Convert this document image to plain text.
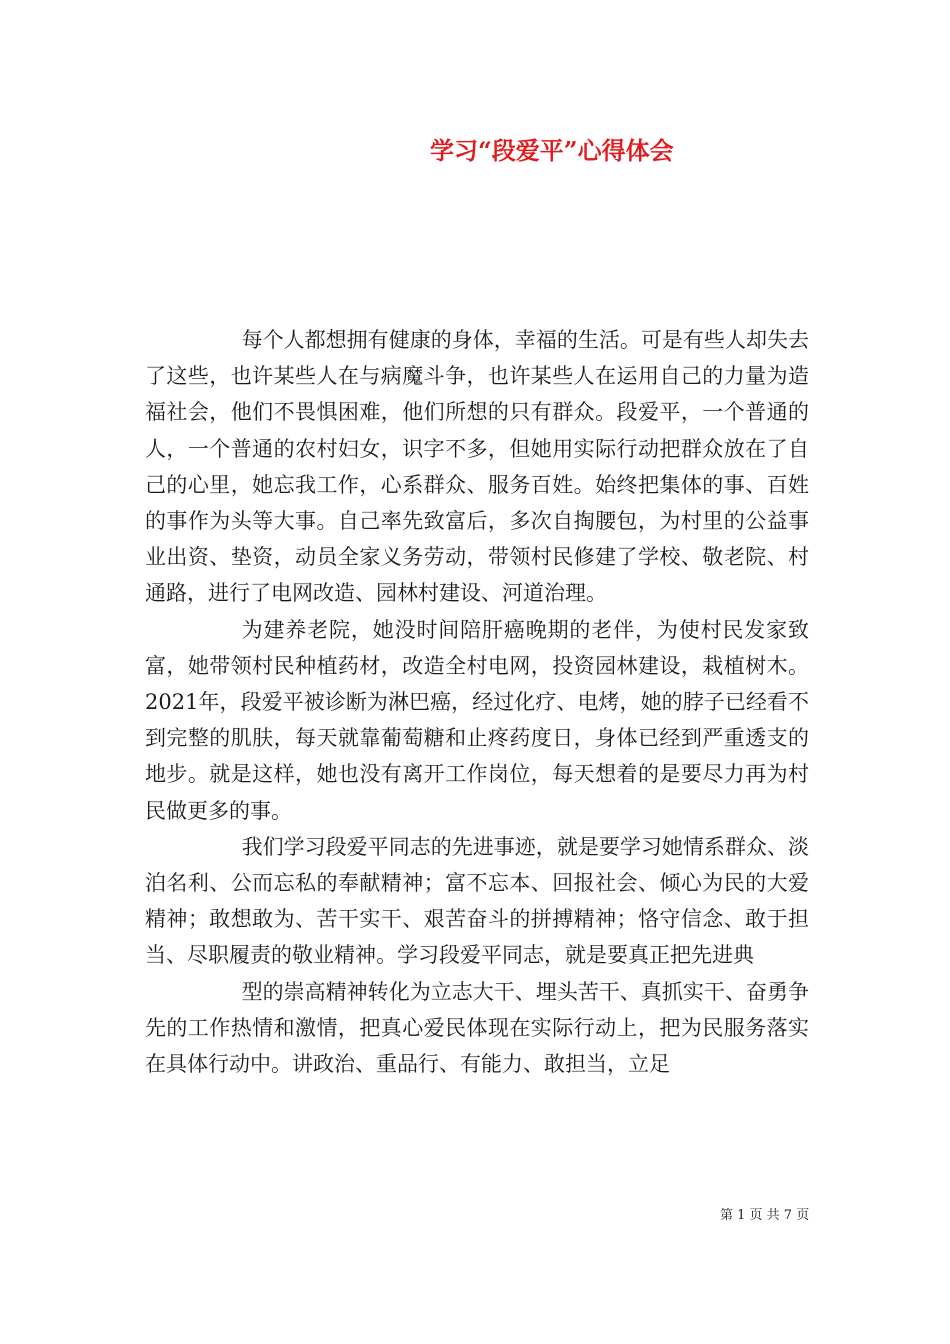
学习“段爱平”心得体会

每个人都想拥有健康的身体，幸福的生活。可是有些人却失去了这些，也许某些人在与病魔斗争，也许某些人在运用自己的力量为造福社会，他们不畏惧困难，他们所想的只有群众。段爱平，一个普通的人，一个普通的农村妇女，识字不多，但她用实际行动把群众放在了自己的心里，她忘我工作，心系群众、服务百姓。始终把集体的事、百姓的事作为头等大事。自己率先致富后，多次自掏腰包，为村里的公益事业出资、垫资，动员全家义务劳动，带领村民修建了学校、敬老院、村通路，进行了电网改造、园林村建设、河道治理。

为建养老院，她没时间陪肝癌晚期的老伴，为使村民发家致富，她带领村民种植药材，改造全村电网，投资园林建设，栽植树木。2021年，段爱平被诊断为淋巴癌，经过化疗、电烤，她的脖子已经看不到完整的肌肤，每天就靠葡萄糖和止疼药度日，身体已经到严重透支的地步。就是这样，她也没有离开工作岗位，每天想着的是要尽力再为村民做更多的事。

我们学习段爱平同志的先进事迹，就是要学习她情系群众、淡泊名利、公而忘私的奉献精神；富不忘本、回报社会、倾心为民的大爱精神；敢想敢为、苦干实干、艰苦奋斗的拼搏精神；恪守信念、敢于担当、尽职履责的敬业精神。学习段爱平同志，就是要真正把先进典

型的崇高精神转化为立志大干、埋头苦干、真抓实干、奋勇争先的工作热情和激情，把真心爱民体现在实际行动上，把为民服务落实在具体行动中。讲政治、重品行、有能力、敢担当，立足

第 1 页 共 7 页
